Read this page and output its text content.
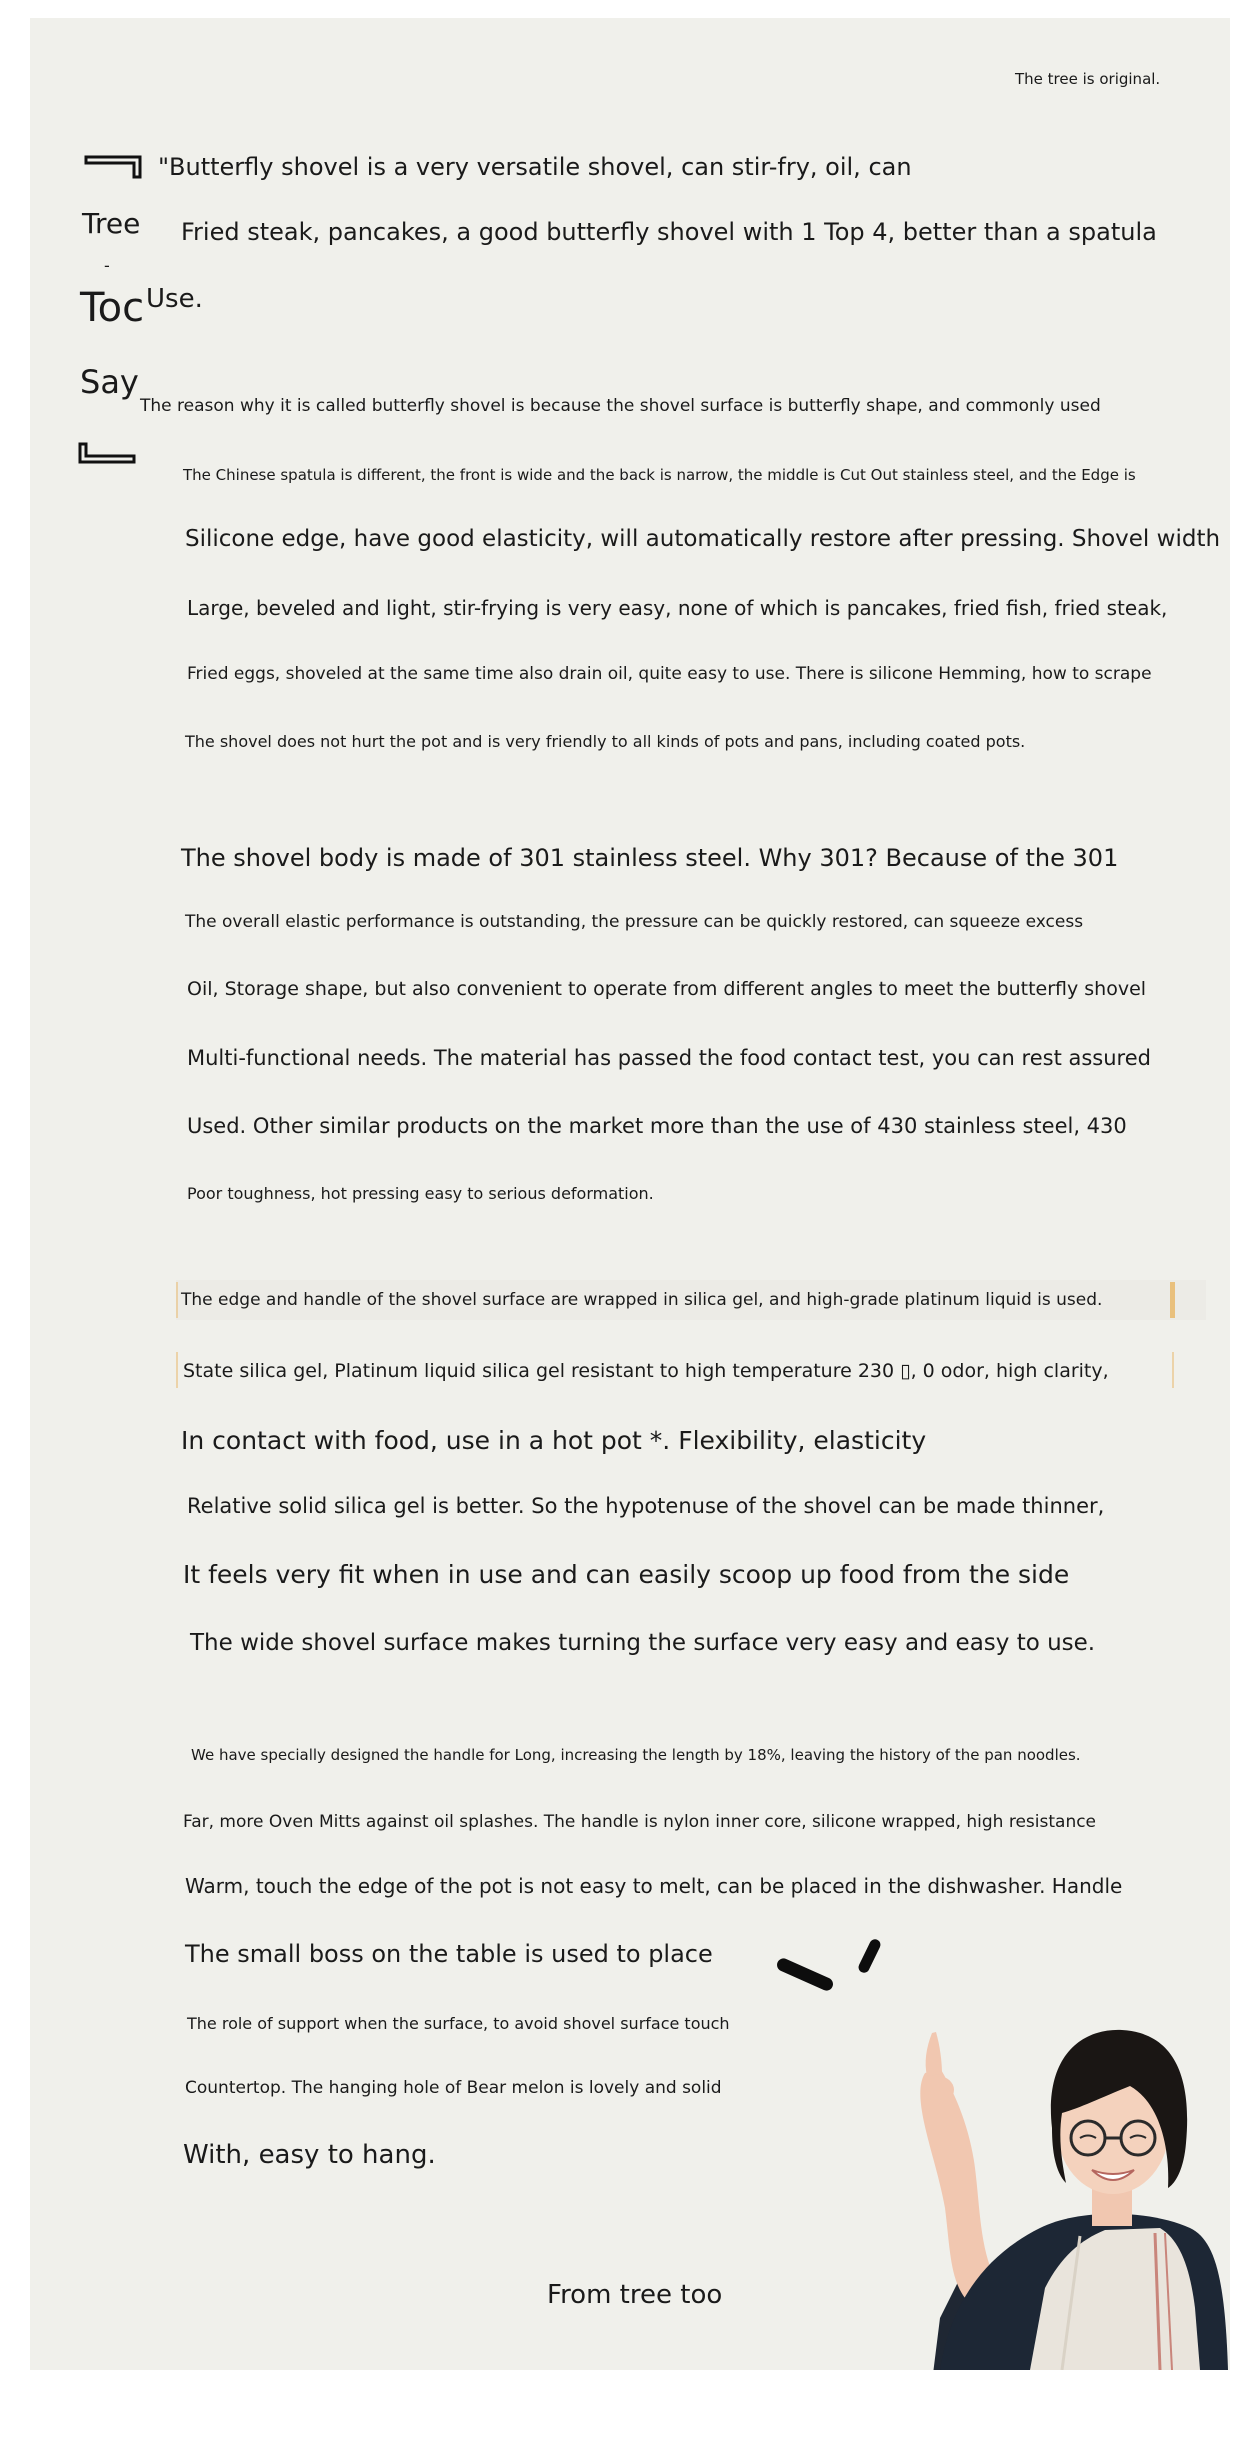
The tree is original.
Tree
-
Toc
Say
"Butterfly shovel is a very versatile shovel, can stir-fry, oil, can
Fried steak, pancakes, a good butterfly shovel with 1 Top 4, better than a spatula
Use.
The reason why it is called butterfly shovel is because the shovel surface is butterfly shape, and commonly used
The Chinese spatula is different, the front is wide and the back is narrow, the middle is Cut Out stainless steel, and the Edge is
Silicone edge, have good elasticity, will automatically restore after pressing. Shovel width
Large, beveled and light, stir-frying is very easy, none of which is pancakes, fried fish, fried steak,
Fried eggs, shoveled at the same time also drain oil, quite easy to use. There is silicone Hemming, how to scrape
The shovel does not hurt the pot and is very friendly to all kinds of pots and pans, including coated pots.
The shovel body is made of 301 stainless steel. Why 301? Because of the 301
The overall elastic performance is outstanding, the pressure can be quickly restored, can squeeze excess
Oil, Storage shape, but also convenient to operate from different angles to meet the butterfly shovel
Multi-functional needs. The material has passed the food contact test, you can rest assured
Used. Other similar products on the market more than the use of 430 stainless steel, 430
Poor toughness, hot pressing easy to serious deformation.
The edge and handle of the shovel surface are wrapped in silica gel, and high-grade platinum liquid is used.
State silica gel, Platinum liquid silica gel resistant to high temperature 230 ▯, 0 odor, high clarity,
In contact with food, use in a hot pot *. Flexibility, elasticity
Relative solid silica gel is better. So the hypotenuse of the shovel can be made thinner,
It feels very fit when in use and can easily scoop up food from the side
The wide shovel surface makes turning the surface very easy and easy to use.
We have specially designed the handle for Long, increasing the length by 18%, leaving the history of the pan noodles.
Far, more Oven Mitts against oil splashes. The handle is nylon inner core, silicone wrapped, high resistance
Warm, touch the edge of the pot is not easy to melt, can be placed in the dishwasher. Handle
The small boss on the table is used to place
The role of support when the surface, to avoid shovel surface touch
Countertop. The hanging hole of Bear melon is lovely and solid
With, easy to hang.
From tree too
